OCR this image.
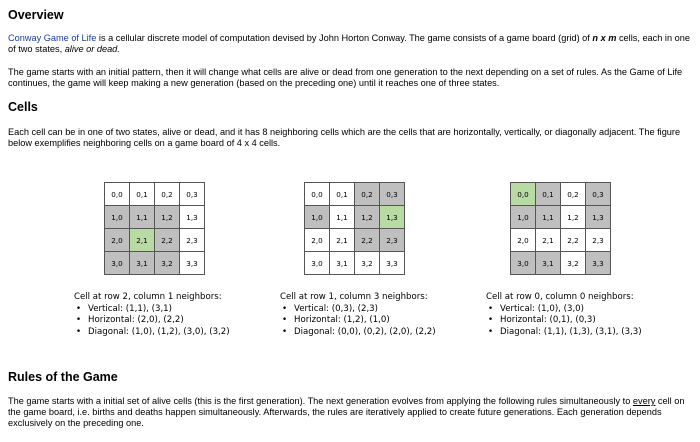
Overview

Conway Game of Life is a cellular discrete model of computation devised by John Horton Conway. The game consists of a game board (grid) of n x m cells, each in one of two states, alive or dead.

The game starts with an initial pattern, then it will change what cells are alive or dead from one generation to the next depending on a set of rules. As the Game of Life continues, the game will keep making a new generation (based on the preceding one) until it reaches one of three states.

Cells

Each cell can be in one of two states, alive or dead, and it has 8 neighboring cells which are the cells that are horizontally, vertically, or diagonally adjacent. The figure below exemplifies neighboring cells on a game board of 4 x 4 cells.

0,0	0,1	0,2	0,3
1,0	1,1	1,2	1,3
2,0	2,1	2,2	2,3
3,0	3,1	3,2	3,3
Cell at row 2, column 1 neighbors:
• Vertical: (1,1), (3,1)
• Horizontal: (2,0), (2,2)
• Diagonal: (1,0), (1,2), (3,0), (3,2)
0,0	0,1	0,2	0,3
1,0	1,1	1,2	1,3
2,0	2,1	2,2	2,3
3,0	3,1	3,2	3,3
Cell at row 1, column 3 neighbors:
• Vertical: (0,3), (2,3)
• Horizontal: (1,2), (1,0)
• Diagonal: (0,0), (0,2), (2,0), (2,2)
0,0	0,1	0,2	0,3
1,0	1,1	1,2	1,3
2,0	2,1	2,2	2,3
3,0	3,1	3,2	3,3
Cell at row 0, column 0 neighbors:
• Vertical: (1,0), (3,0)
• Horizontal: (0,1), (0,3)
• Diagonal: (1,1), (1,3), (3,1), (3,3)
Rules of the Game

The game starts with a initial set of alive cells (this is the first generation). The next generation evolves from applying the following rules simultaneously to every cell on the game board, i.e. births and deaths happen simultaneously. Afterwards, the rules are iteratively applied to create future generations. Each generation depends exclusively on the preceding one.
